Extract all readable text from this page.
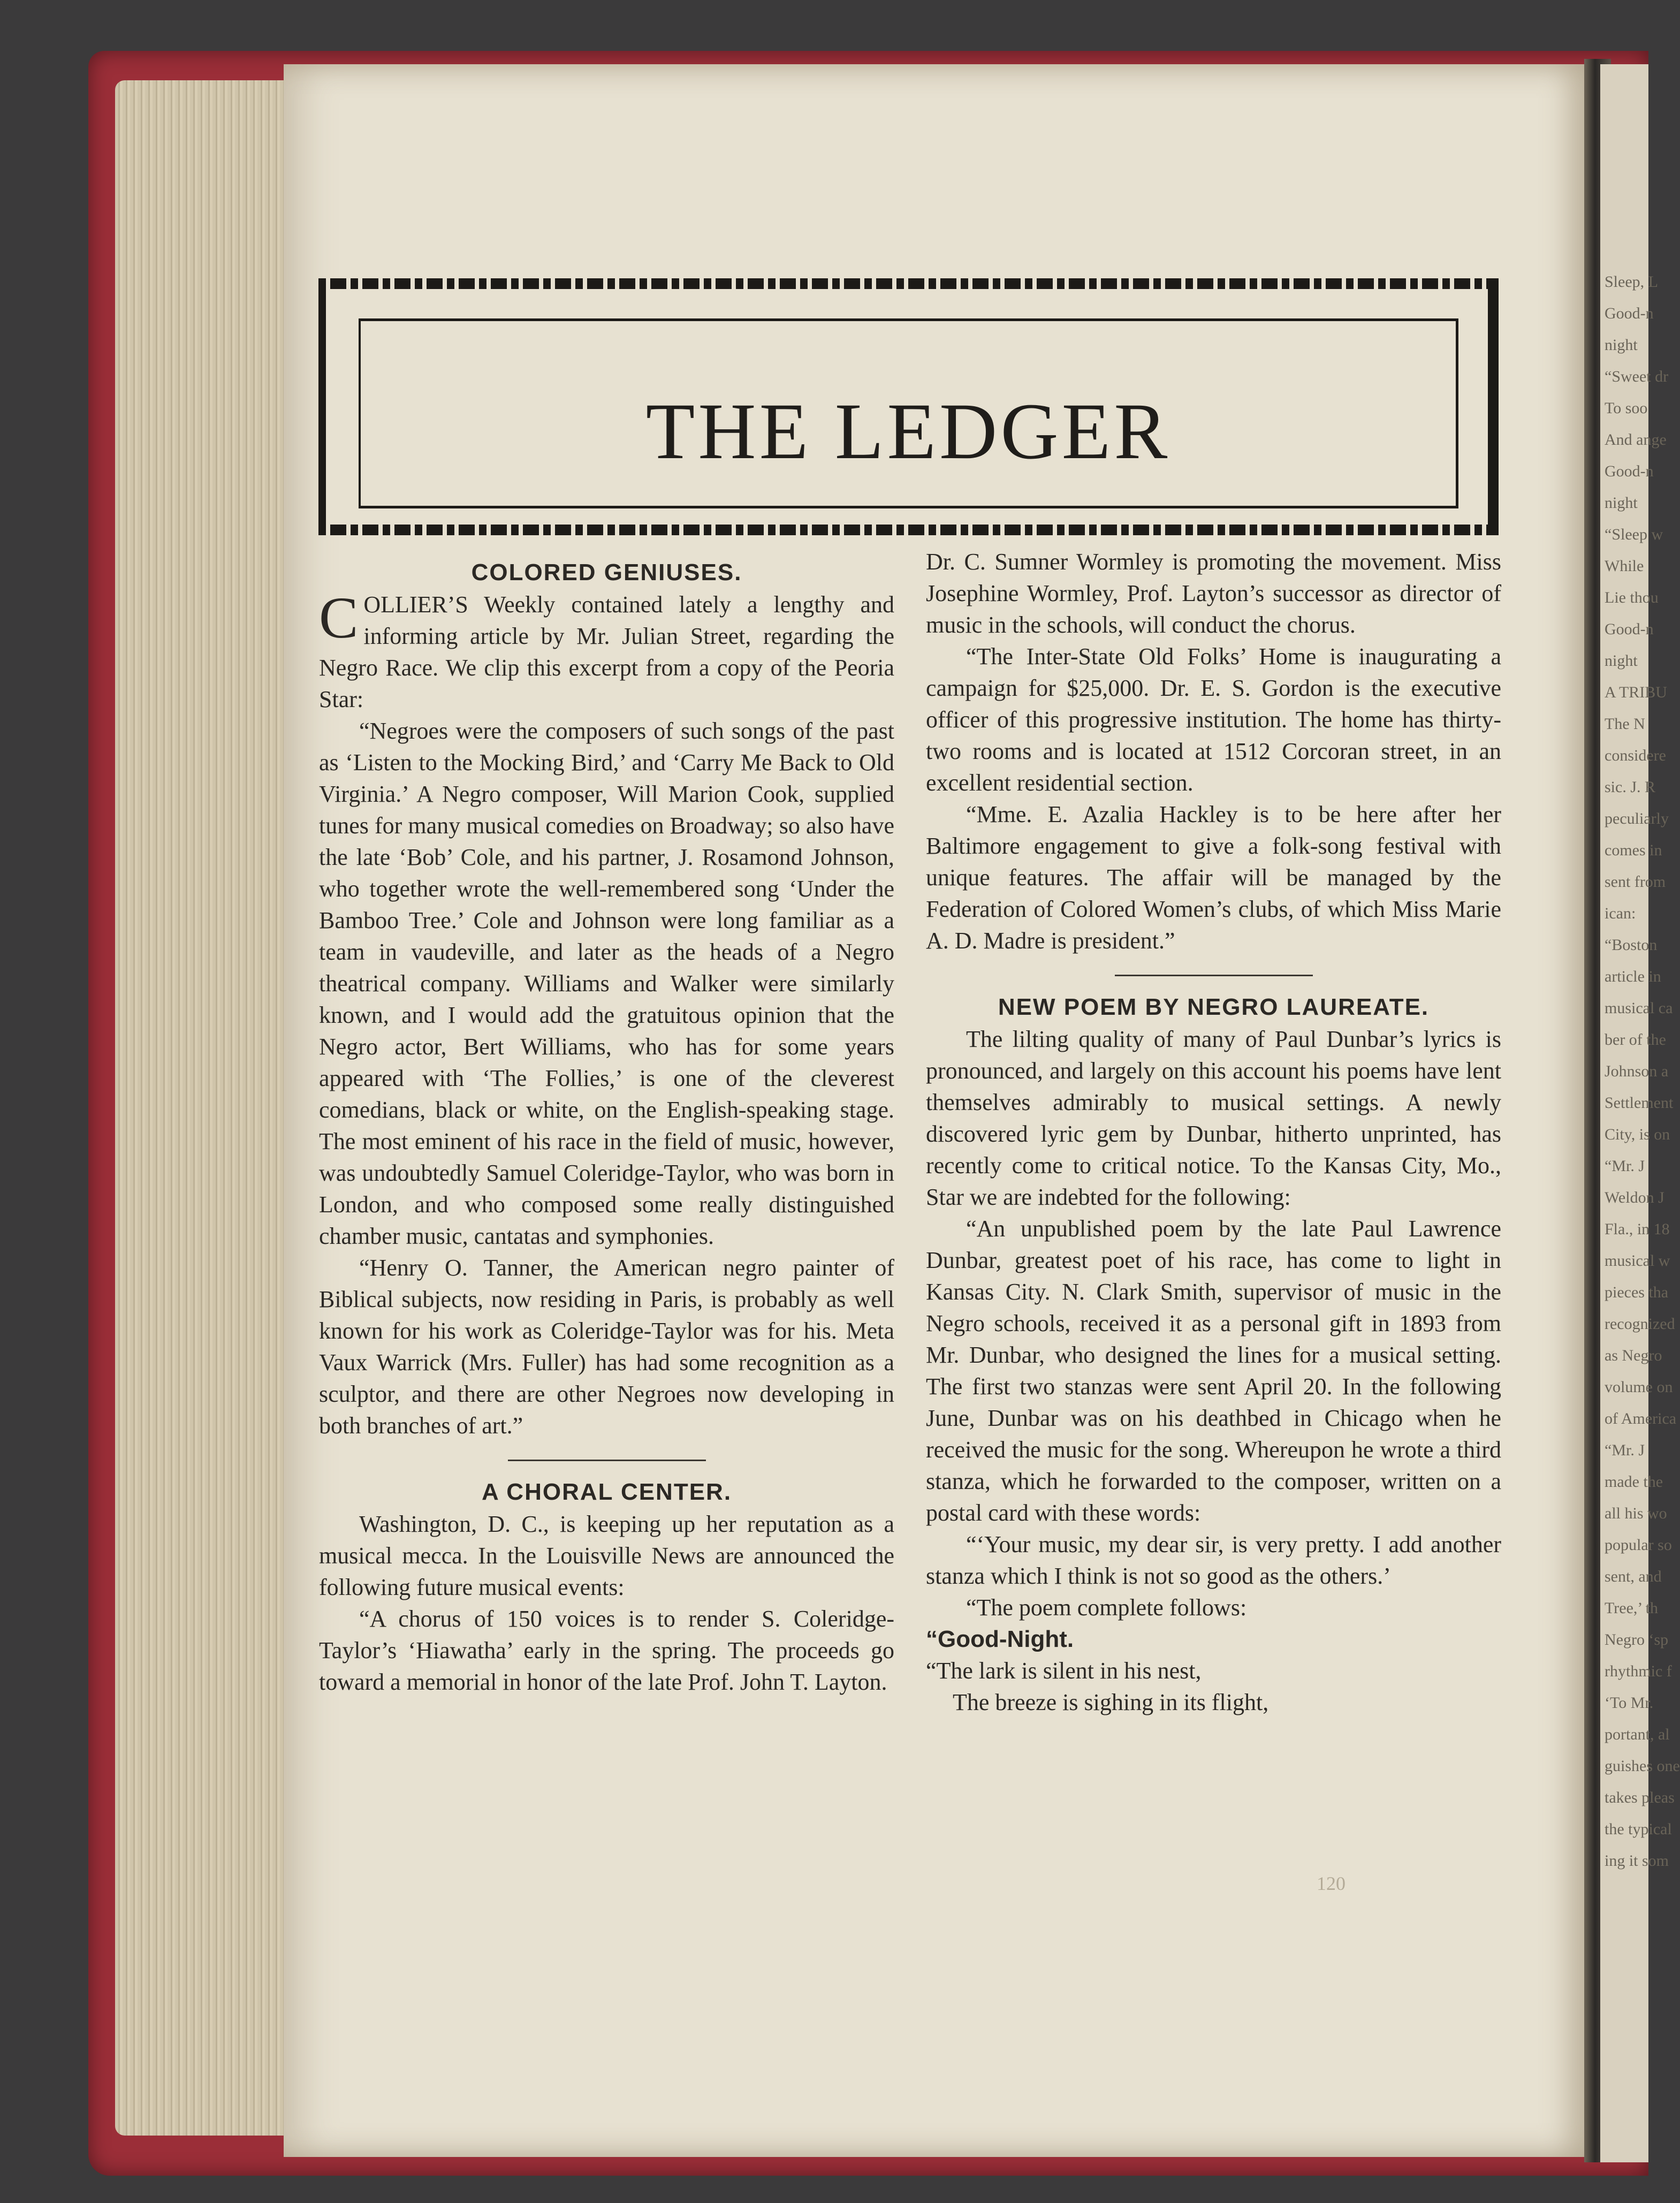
Sleep, L
Good-n
night
“Sweet dr
To soo
And ange
Good-n
night
“Sleep w
While
Lie thou
Good-n
night
A TRIBU
The N
considere
sic. J. R
peculiarly
comes in
sent from
ican:
“Boston
article in
musical ca
ber of the
Johnson a
Settlement
City, is on
“Mr. J
Weldon J
Fla., in 18
musical w
pieces tha
recognized
as Negro
volume on
of America
“Mr. J
made the
all his wo
popular so
sent, and
Tree,’ th
Negro ‘sp
rhythmic f
‘To Mr.
portant, al
guishes one
takes pleas
the typical
ing it som
THE LEDGER
COLORED GENIUSES.

COLLIER’S Weekly contained lately a lengthy and informing article by Mr. Julian Street, regarding the Negro Race. We clip this excerpt from a copy of the Peoria Star:

“Negroes were the composers of such songs of the past as ‘Listen to the Mocking Bird,’ and ‘Carry Me Back to Old Virginia.’ A Negro composer, Will Marion Cook, supplied tunes for many musical comedies on Broadway; so also have the late ‘Bob’ Cole, and his partner, J. Rosamond Johnson, who together wrote the well-remembered song ‘Under the Bamboo Tree.’ Cole and Johnson were long familiar as a team in vaudeville, and later as the heads of a Negro theatrical company. Williams and Walker were similarly known, and I would add the gratuitous opinion that the Negro actor, Bert Williams, who has for some years appeared with ‘The Follies,’ is one of the cleverest comedians, black or white, on the English-speaking stage. The most eminent of his race in the field of music, however, was undoubtedly Samuel Coleridge-Taylor, who was born in London, and who composed some really distinguished chamber music, cantatas and symphonies.

“Henry O. Tanner, the American negro painter of Biblical subjects, now residing in Paris, is probably as well known for his work as Coleridge-Taylor was for his. Meta Vaux Warrick (Mrs. Fuller) has had some recognition as a sculptor, and there are other Negroes now developing in both branches of art.”

A CHORAL CENTER.

Washington, D. C., is keeping up her reputation as a musical mecca. In the Louisville News are announced the following future musical events:

“A chorus of 150 voices is to render S. Coleridge-Taylor’s ‘Hiawatha’ early in the spring. The proceeds go toward a memorial in honor of the late Prof. John T. Layton.

Dr. C. Sumner Wormley is promoting the movement. Miss Josephine Wormley, Prof. Layton’s successor as director of music in the schools, will conduct the chorus.

“The Inter-State Old Folks’ Home is inaugurating a campaign for $25,000. Dr. E. S. Gordon is the executive officer of this progressive institution. The home has thirty-two rooms and is located at 1512 Corcoran street, in an excellent residential section.

“Mme. E. Azalia Hackley is to be here after her Baltimore engagement to give a folk-song festival with unique features. The affair will be managed by the Federation of Colored Women’s clubs, of which Miss Marie A. D. Madre is president.”

NEW POEM BY NEGRO LAUREATE.

The lilting quality of many of Paul Dunbar’s lyrics is pronounced, and largely on this account his poems have lent themselves admirably to musical settings. A newly discovered lyric gem by Dunbar, hitherto unprinted, has recently come to critical notice. To the Kansas City, Mo., Star we are indebted for the following:

“An unpublished poem by the late Paul Lawrence Dunbar, greatest poet of his race, has come to light in Kansas City. N. Clark Smith, supervisor of music in the Negro schools, received it as a personal gift in 1893 from Mr. Dunbar, who designed the lines for a musical setting. The first two stanzas were sent April 20. In the following June, Dunbar was on his deathbed in Chicago when he received the music for the song. Whereupon he wrote a third stanza, which he forwarded to the composer, written on a postal card with these words:

“‘Your music, my dear sir, is very pretty. I add another stanza which I think is not so good as the others.’

“The poem complete follows:

“Good-Night.

“The lark is silent in his nest,

The breeze is sighing in its flight,

120
